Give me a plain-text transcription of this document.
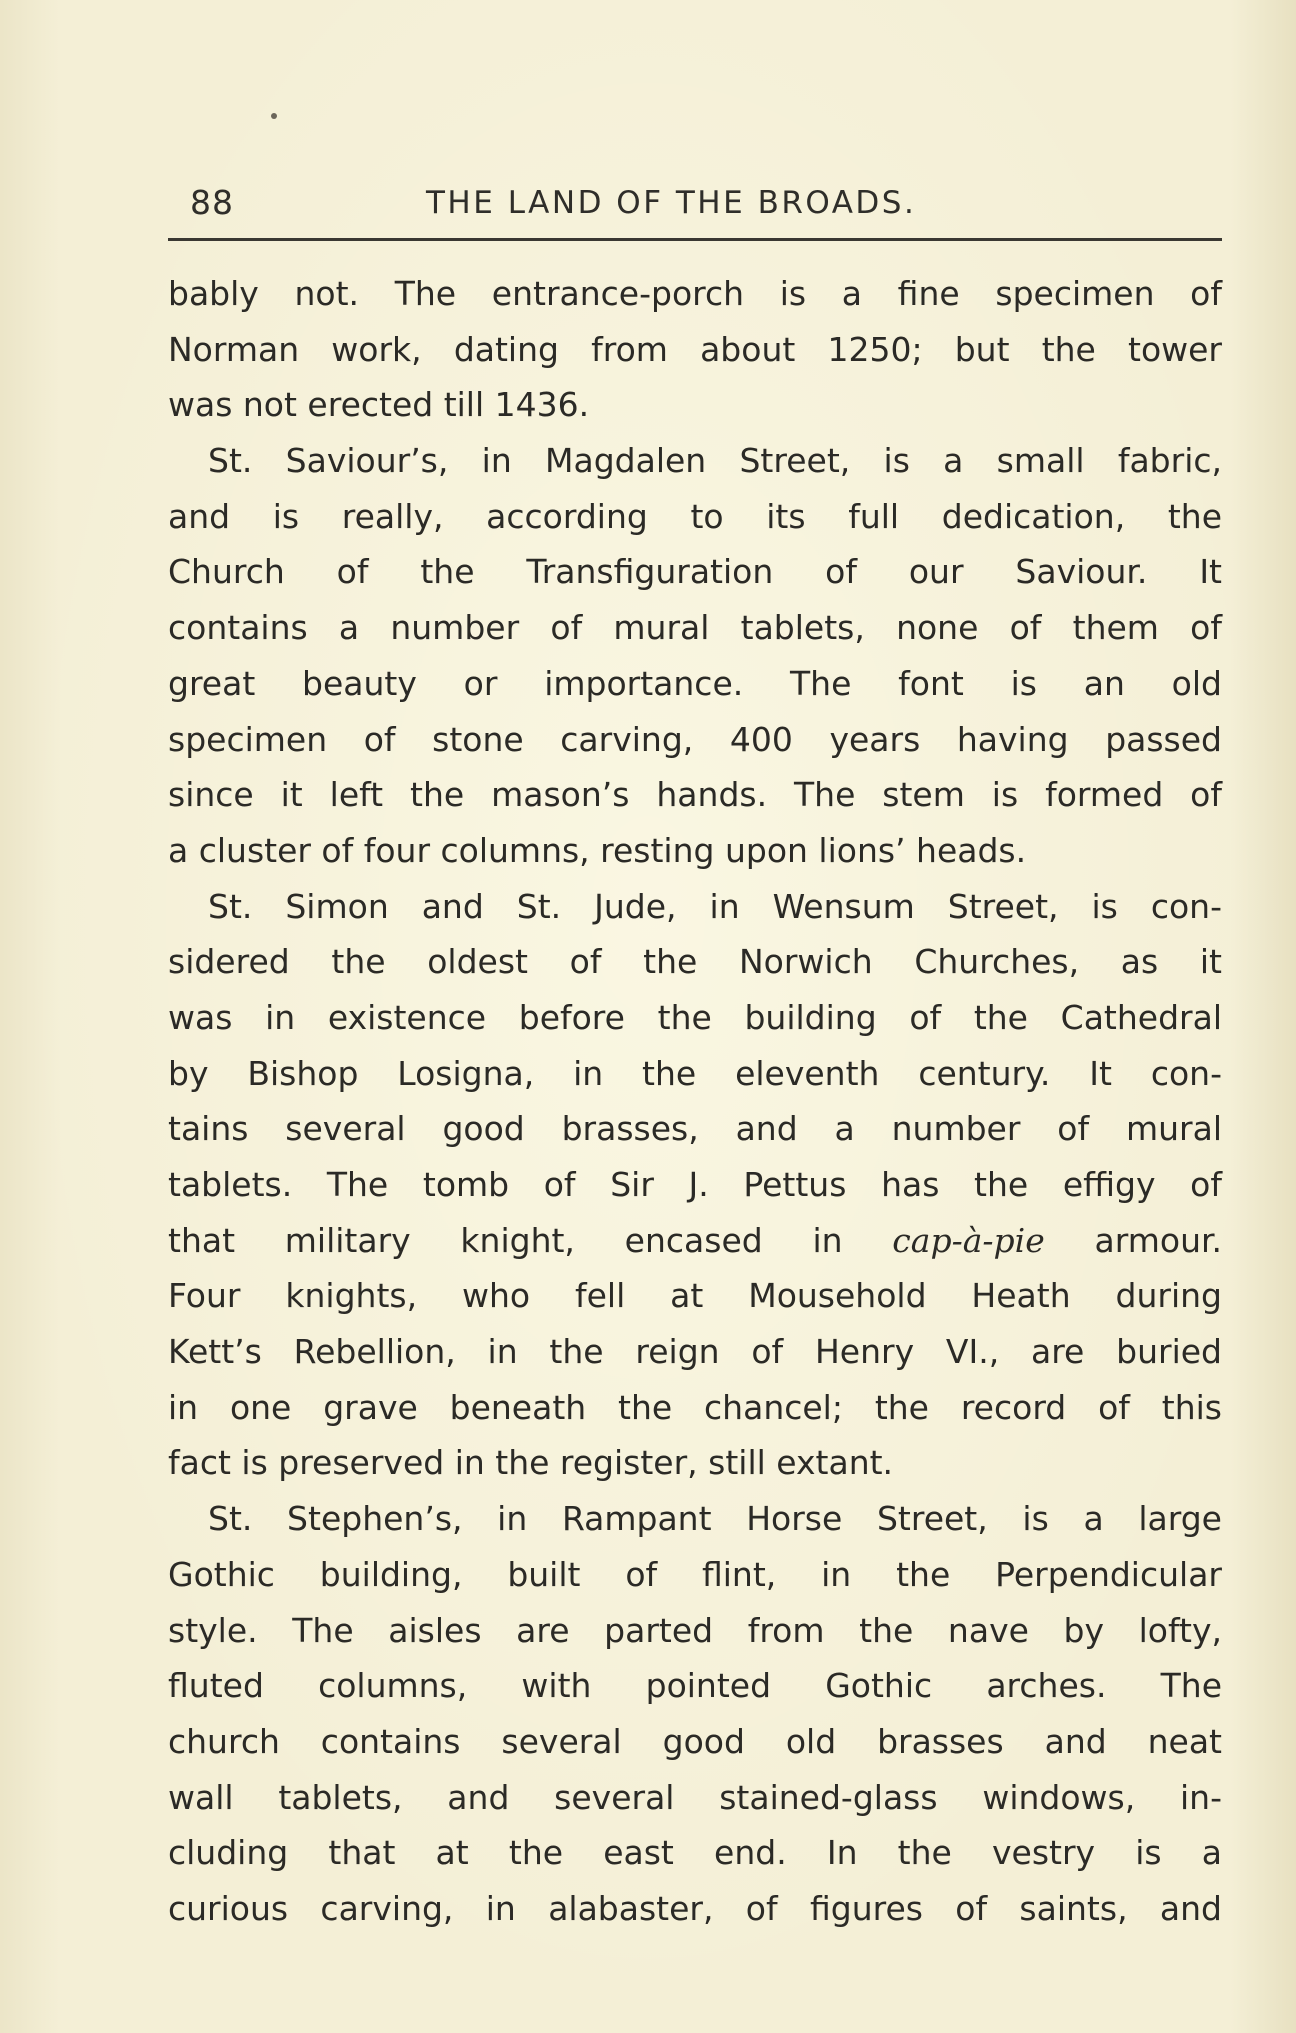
88	THE LAND OF THE BROADS.
bably not. The entrance-porch is a fine specimen of
Norman work, dating from about 1250; but the tower
was not erected till 1436.
St. Saviour’s, in Magdalen Street, is a small fabric,
and is really, according to its full dedication, the
Church of the Transfiguration of our Saviour. It
contains a number of mural tablets, none of them of
great beauty or importance. The font is an old
specimen of stone carving, 400 years having passed
since it left the mason’s hands. The stem is formed of
a cluster of four columns, resting upon lions’ heads.
St. Simon and St. Jude, in Wensum Street, is con-
sidered the oldest of the Norwich Churches, as it
was in existence before the building of the Cathedral
by Bishop Losigna, in the eleventh century. It con-
tains several good brasses, and a number of mural
tablets. The tomb of Sir J. Pettus has the effigy of
that military knight, encased in cap-à-pie armour.
Four knights, who fell at Mousehold Heath during
Kett’s Rebellion, in the reign of Henry VI., are buried
in one grave beneath the chancel; the record of this
fact is preserved in the register, still extant.
St. Stephen’s, in Rampant Horse Street, is a large
Gothic building, built of flint, in the Perpendicular
style. The aisles are parted from the nave by lofty,
fluted columns, with pointed Gothic arches. The
church contains several good old brasses and neat
wall tablets, and several stained-glass windows, in-
cluding that at the east end. In the vestry is a
curious carving, in alabaster, of figures of saints, and
